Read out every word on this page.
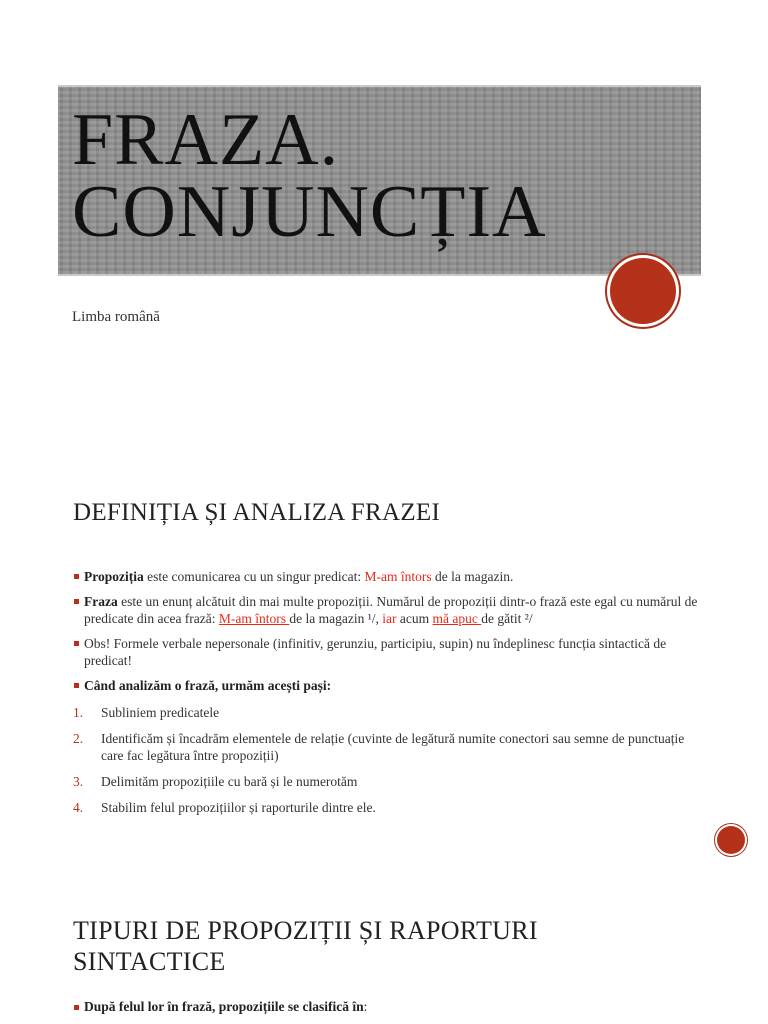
FRAZA.
CONJUNCȚIA
Limba română
DEFINIȚIA ȘI ANALIZA FRAZEI
Propoziția este comunicarea cu un singur predicat: M-am întors de la magazin.
Fraza este un enunț alcătuit din mai multe propoziții. Numărul de propoziții dintr-o frază este egal cu numărul de predicate din acea frază: M-am întors de la magazin ¹/, iar acum mă apuc de gătit ²/
Obs! Formele verbale nepersonale (infinitiv, gerunziu, participiu, supin) nu îndeplinesc funcția sintactică de predicat!
Când analizăm o frază, urmăm acești pași:
1. Subliniem predicatele
2. Identificăm și încadrăm elementele de relație (cuvinte de legătură numite conectori sau semne de punctuație care fac legătura între propoziții)
3. Delimităm propozițiile cu bară și le numerotăm
4. Stabilim felul propozițiilor și raporturile dintre ele.
TIPURI DE PROPOZIȚII ȘI RAPORTURI SINTACTICE
După felul lor în frază, propozițiile se clasifică în:
